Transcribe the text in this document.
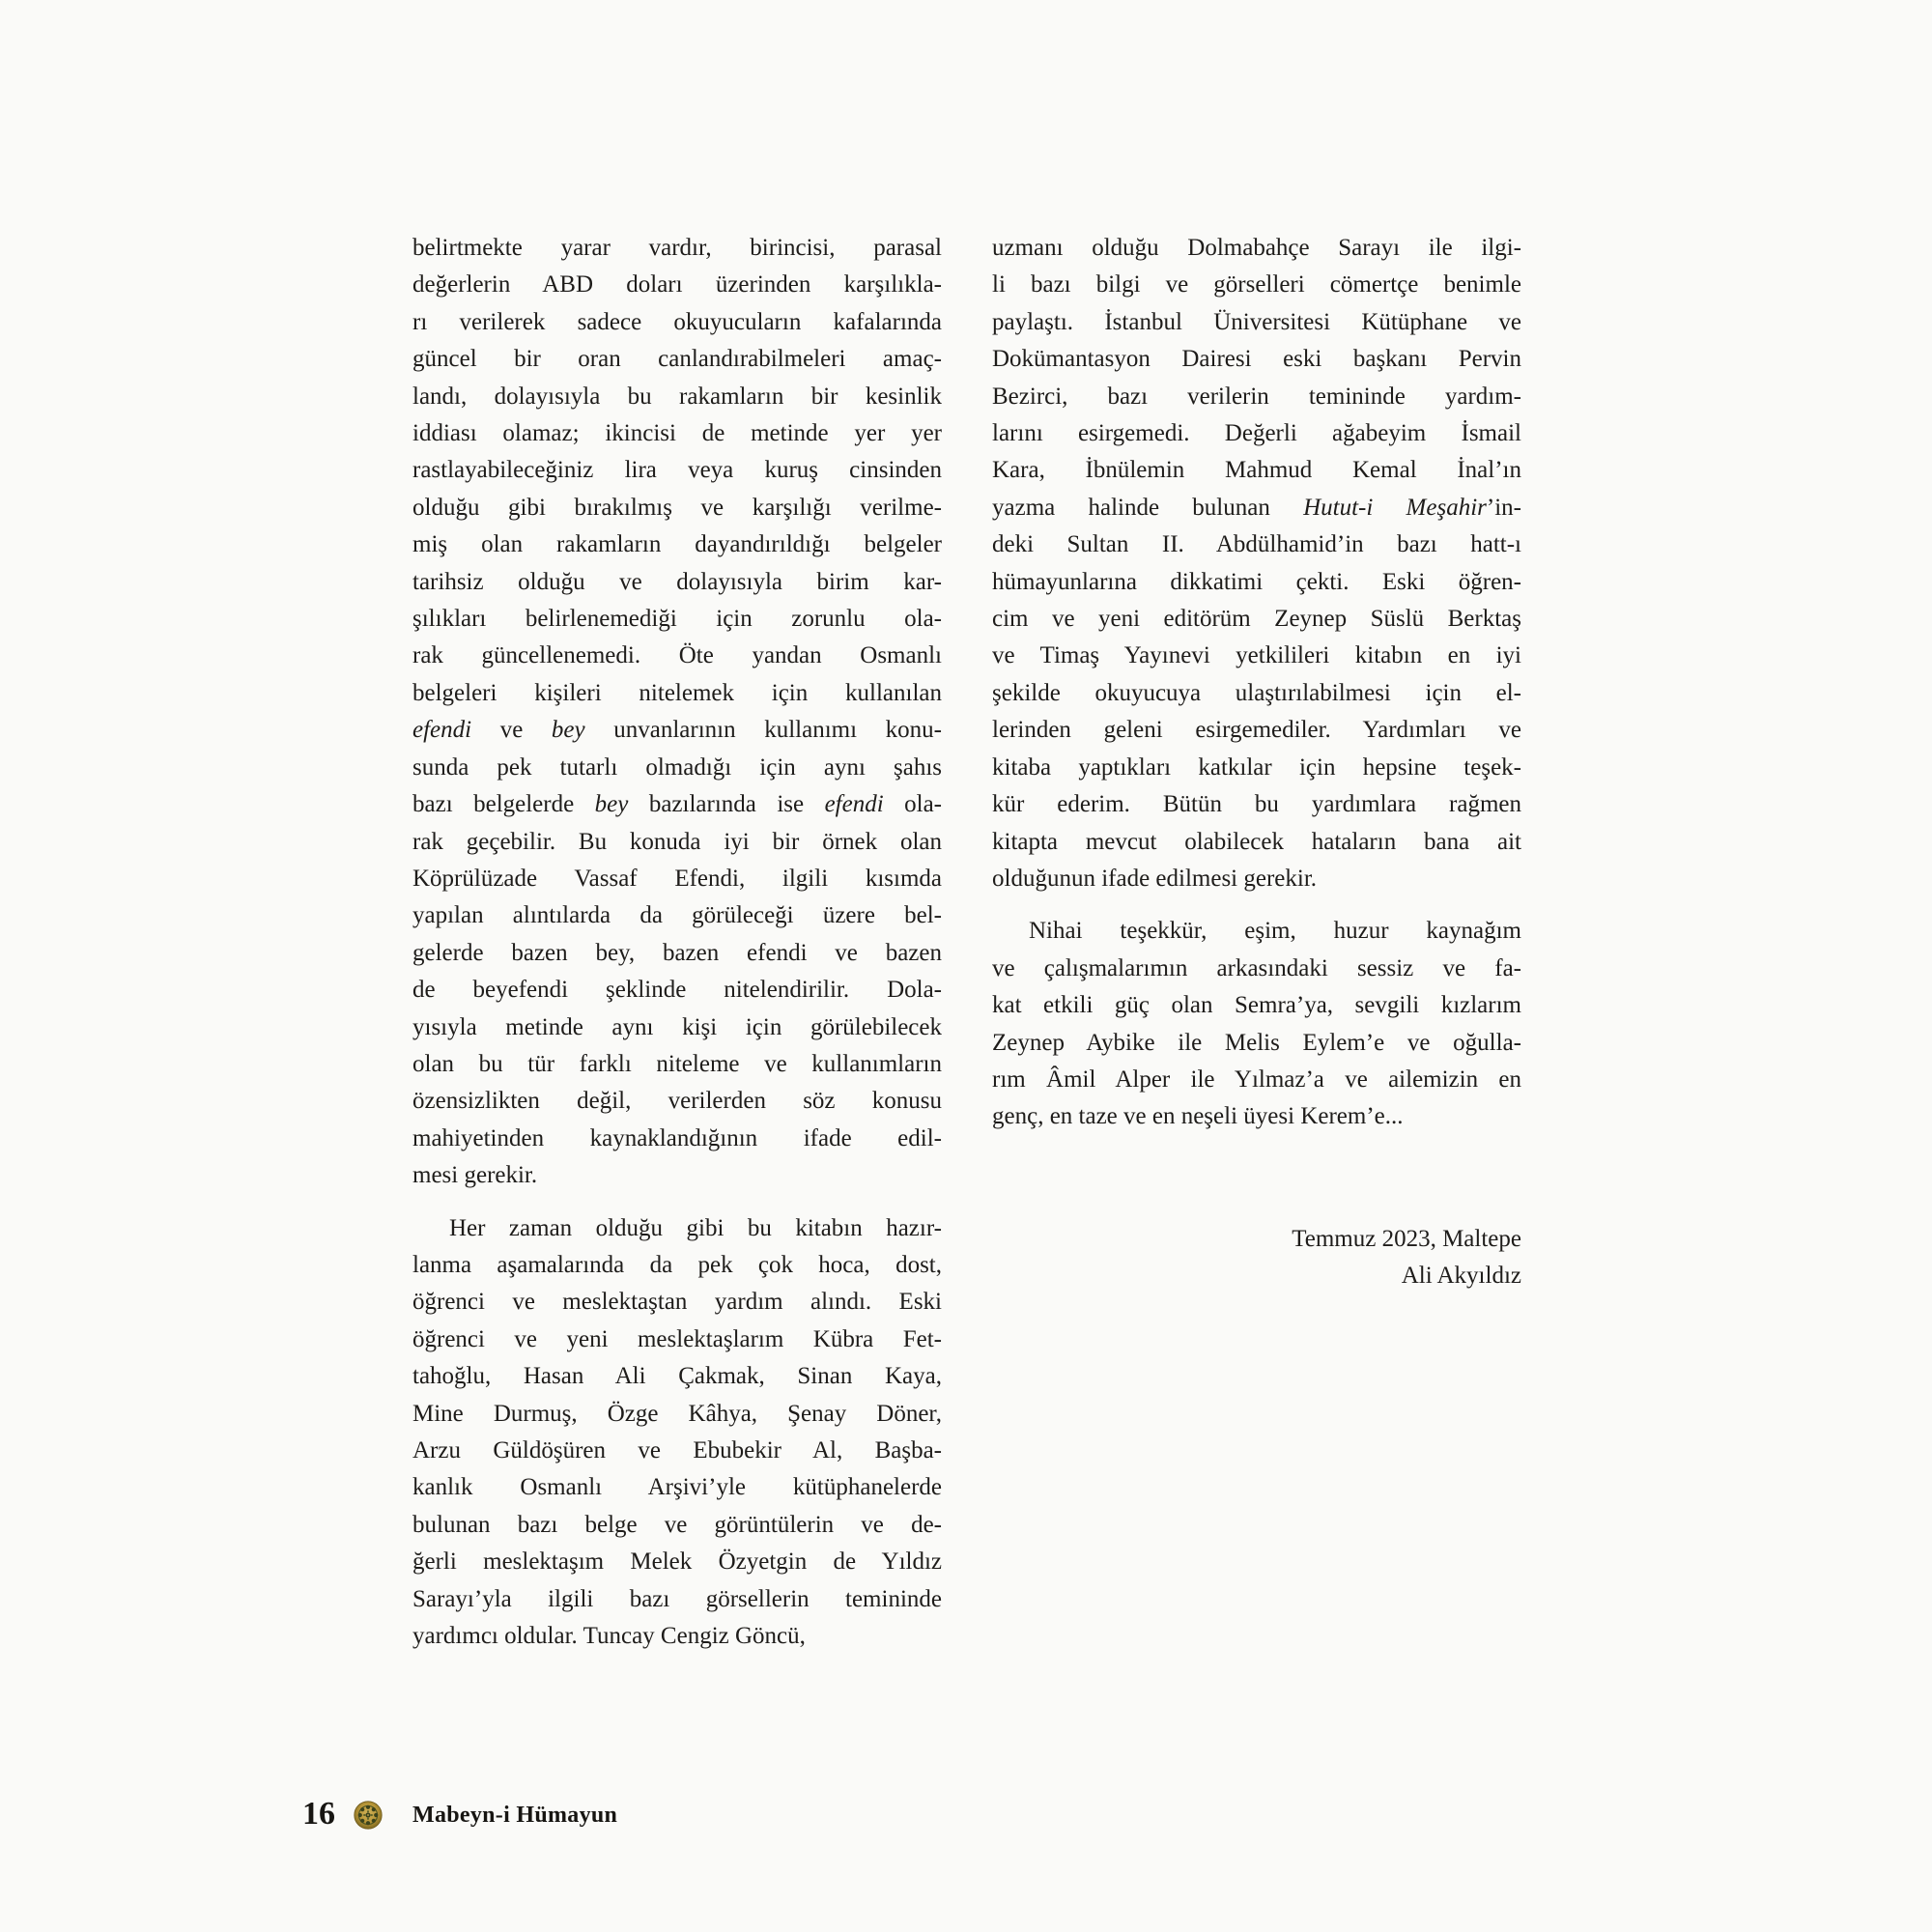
belirtmekte yarar vardır, birincisi, parasal
değerlerin ABD doları üzerinden karşılıkla-
rı verilerek sadece okuyucuların kafalarında
güncel bir oran canlandırabilmeleri amaç-
landı, dolayısıyla bu rakamların bir kesinlik
iddiası olamaz; ikincisi de metinde yer yer
rastlayabileceğiniz lira veya kuruş cinsinden
olduğu gibi bırakılmış ve karşılığı verilme-
miş olan rakamların dayandırıldığı belgeler
tarihsiz olduğu ve dolayısıyla birim kar-
şılıkları belirlenemediği için zorunlu ola-
rak güncellenemedi. Öte yandan Osmanlı
belgeleri kişileri nitelemek için kullanılan
efendi ve bey unvanlarının kullanımı konu-
sunda pek tutarlı olmadığı için aynı şahıs
bazı belgelerde bey bazılarında ise efendi ola-
rak geçebilir. Bu konuda iyi bir örnek olan
Köprülüzade Vassaf Efendi, ilgili kısımda
yapılan alıntılarda da görüleceği üzere bel-
gelerde bazen bey, bazen efendi ve bazen
de beyefendi şeklinde nitelendirilir. Dola-
yısıyla metinde aynı kişi için görülebilecek
olan bu tür farklı niteleme ve kullanımların
özensizlikten değil, verilerden söz konusu
mahiyetinden kaynaklandığının ifade edil-
mesi gerekir.
Her zaman olduğu gibi bu kitabın hazır-
lanma aşamalarında da pek çok hoca, dost,
öğrenci ve meslektaştan yardım alındı. Eski
öğrenci ve yeni meslektaşlarım Kübra Fet-
tahoğlu, Hasan Ali Çakmak, Sinan Kaya,
Mine Durmuş, Özge Kâhya, Şenay Döner,
Arzu Güldöşüren ve Ebubekir Al, Başba-
kanlık Osmanlı Arşivi’yle kütüphanelerde
bulunan bazı belge ve görüntülerin ve de-
ğerli meslektaşım Melek Özyetgin de Yıldız
Sarayı’yla ilgili bazı görsellerin temininde
yardımcı oldular. Tuncay Cengiz Göncü,
uzmanı olduğu Dolmabahçe Sarayı ile ilgi-
li bazı bilgi ve görselleri cömertçe benimle
paylaştı. İstanbul Üniversitesi Kütüphane ve
Dokümantasyon Dairesi eski başkanı Pervin
Bezirci, bazı verilerin temininde yardım-
larını esirgemedi. Değerli ağabeyim İsmail
Kara, İbnülemin Mahmud Kemal İnal’ın
yazma halinde bulunan Hutut-i Meşahir’in-
deki Sultan II. Abdülhamid’in bazı hatt-ı
hümayunlarına dikkatimi çekti. Eski öğren-
cim ve yeni editörüm Zeynep Süslü Berktaş
ve Timaş Yayınevi yetkilileri kitabın en iyi
şekilde okuyucuya ulaştırılabilmesi için el-
lerinden geleni esirgemediler. Yardımları ve
kitaba yaptıkları katkılar için hepsine teşek-
kür ederim. Bütün bu yardımlara rağmen
kitapta mevcut olabilecek hataların bana ait
olduğunun ifade edilmesi gerekir.
Nihai teşekkür, eşim, huzur kaynağım
ve çalışmalarımın arkasındaki sessiz ve fa-
kat etkili güç olan Semra’ya, sevgili kızlarım
Zeynep Aybike ile Melis Eylem’e ve oğulla-
rım Âmil Alper ile Yılmaz’a ve ailemizin en
genç, en taze ve en neşeli üyesi Kerem’e...
Temmuz 2023, Maltepe
Ali Akyıldız
16	Mabeyn-i Hümayun
